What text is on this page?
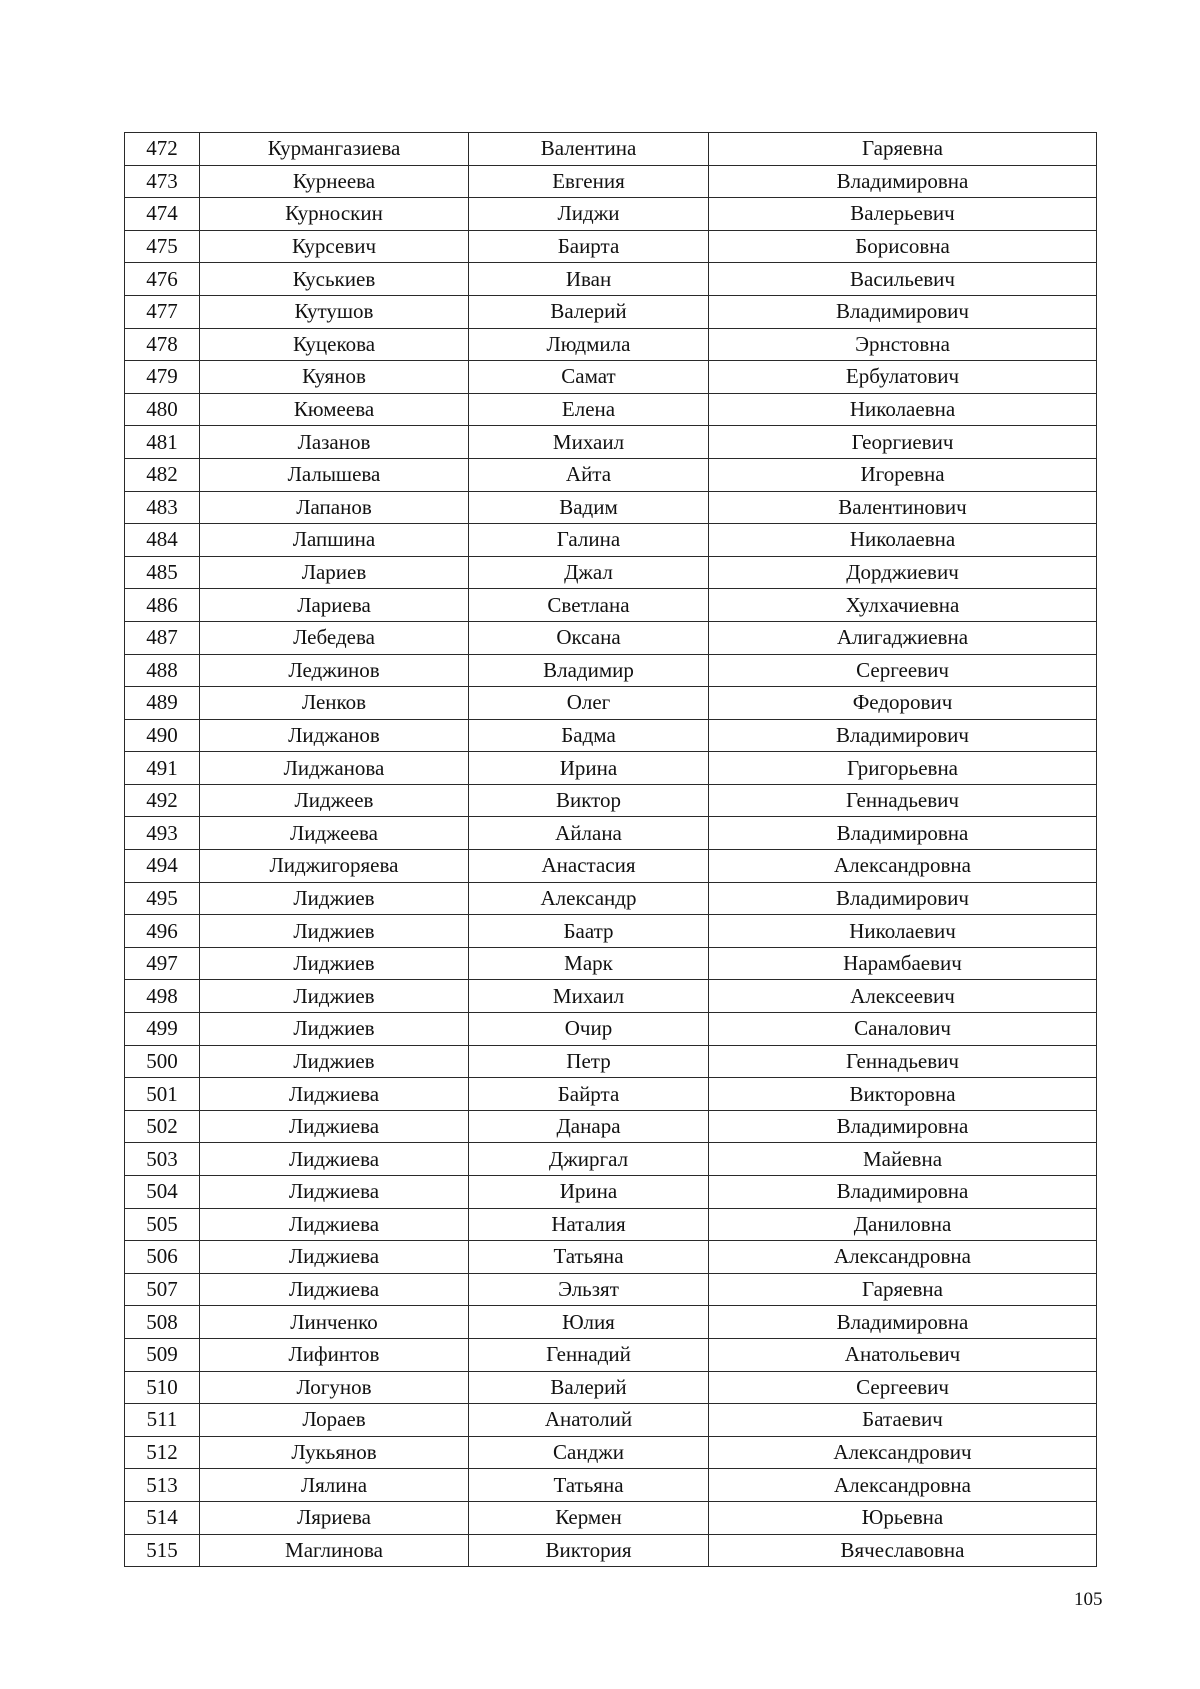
472	Курмангазиева	Валентина	Гаряевна
473	Курнеева	Евгения	Владимировна
474	Курноскин	Лиджи	Валерьевич
475	Курсевич	Баирта	Борисовна
476	Куськиев	Иван	Васильевич
477	Кутушов	Валерий	Владимирович
478	Куцекова	Людмила	Эрнстовна
479	Куянов	Самат	Ербулатович
480	Кюмеева	Елена	Николаевна
481	Лазанов	Михаил	Георгиевич
482	Лалышева	Айта	Игоревна
483	Лапанов	Вадим	Валентинович
484	Лапшина	Галина	Николаевна
485	Лариев	Джал	Дорджиевич
486	Лариева	Светлана	Хулхачиевна
487	Лебедева	Оксана	Алигаджиевна
488	Леджинов	Владимир	Сергеевич
489	Ленков	Олег	Федорович
490	Лиджанов	Бадма	Владимирович
491	Лиджанова	Ирина	Григорьевна
492	Лиджеев	Виктор	Геннадьевич
493	Лиджеева	Айлана	Владимировна
494	Лиджигоряева	Анастасия	Александровна
495	Лиджиев	Александр	Владимирович
496	Лиджиев	Баатр	Николаевич
497	Лиджиев	Марк	Нарамбаевич
498	Лиджиев	Михаил	Алексеевич
499	Лиджиев	Очир	Саналович
500	Лиджиев	Петр	Геннадьевич
501	Лиджиева	Байрта	Викторовна
502	Лиджиева	Данара	Владимировна
503	Лиджиева	Джиргал	Майевна
504	Лиджиева	Ирина	Владимировна
505	Лиджиева	Наталия	Даниловна
506	Лиджиева	Татьяна	Александровна
507	Лиджиева	Эльзят	Гаряевна
508	Линченко	Юлия	Владимировна
509	Лифинтов	Геннадий	Анатольевич
510	Логунов	Валерий	Сергеевич
511	Лораев	Анатолий	Батаевич
512	Лукьянов	Санджи	Александрович
513	Лялина	Татьяна	Александровна
514	Ляриева	Кермен	Юрьевна
515	Маглинова	Виктория	Вячеславовна
105
